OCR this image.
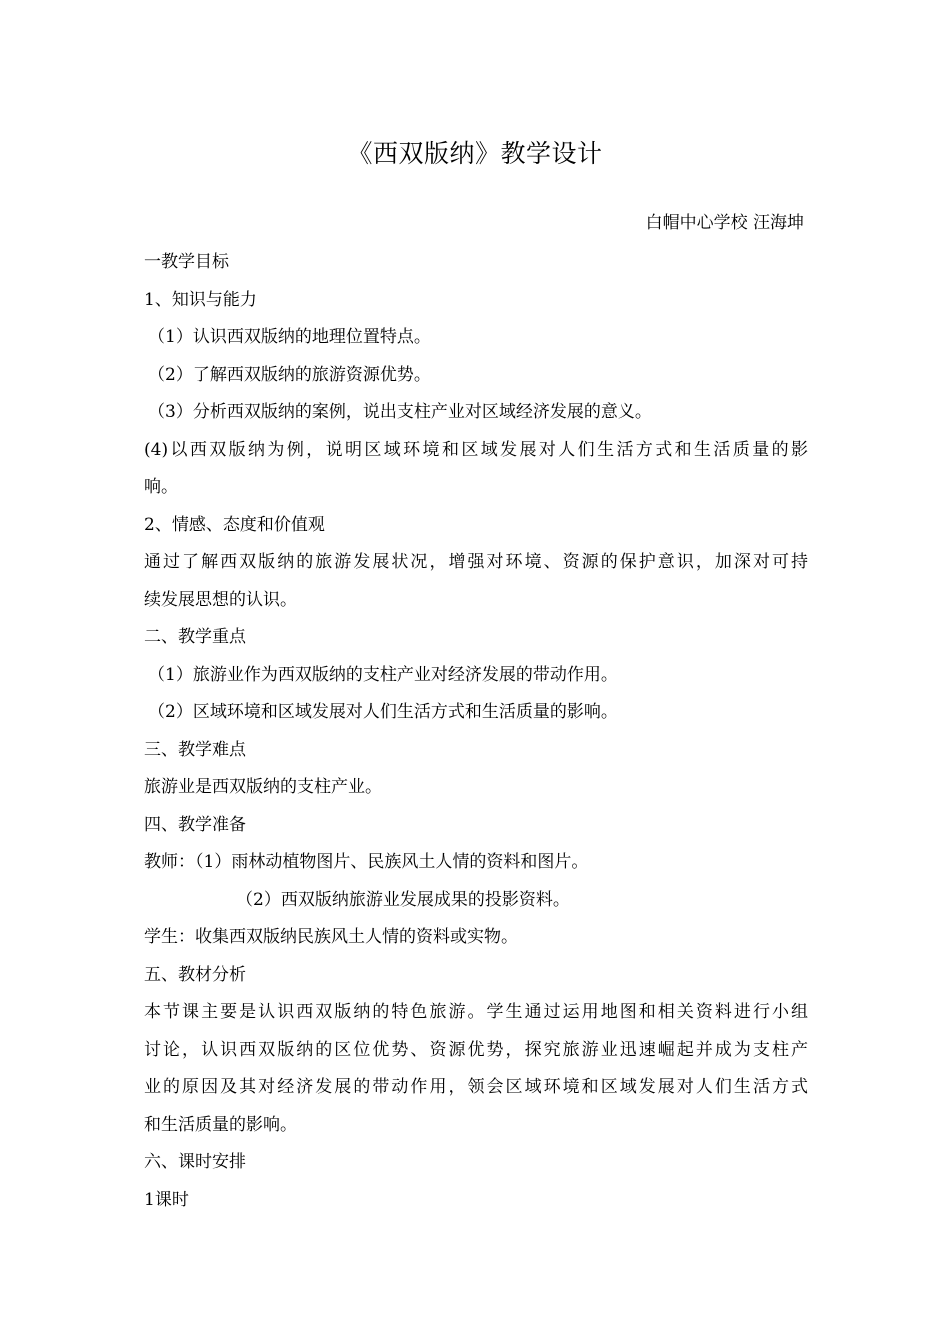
《西双版纳》教学设计
白帽中心学校 汪海坤
一教学目标
1、知识与能力
（1）认识西双版纳的地理位置特点。
（2）了解西双版纳的旅游资源优势。
（3）分析西双版纳的案例，说出支柱产业对区域经济发展的意义。
(4)以西双版纳为例，说明区域环境和区域发展对人们生活方式和生活质量的影
响。
2、情感、态度和价值观
通过了解西双版纳的旅游发展状况，增强对环境、资源的保护意识，加深对可持
续发展思想的认识。
二、教学重点
（1）旅游业作为西双版纳的支柱产业对经济发展的带动作用。
（2）区域环境和区域发展对人们生活方式和生活质量的影响。
三、教学难点
旅游业是西双版纳的支柱产业。
四、教学准备
教师：（1）雨林动植物图片、民族风土人情的资料和图片。
（2）西双版纳旅游业发展成果的投影资料。
学生：收集西双版纳民族风土人情的资料或实物。
五、教材分析
本节课主要是认识西双版纳的特色旅游。学生通过运用地图和相关资料进行小组
讨论，认识西双版纳的区位优势、资源优势，探究旅游业迅速崛起并成为支柱产
业的原因及其对经济发展的带动作用，领会区域环境和区域发展对人们生活方式
和生活质量的影响。
六、课时安排
1课时
